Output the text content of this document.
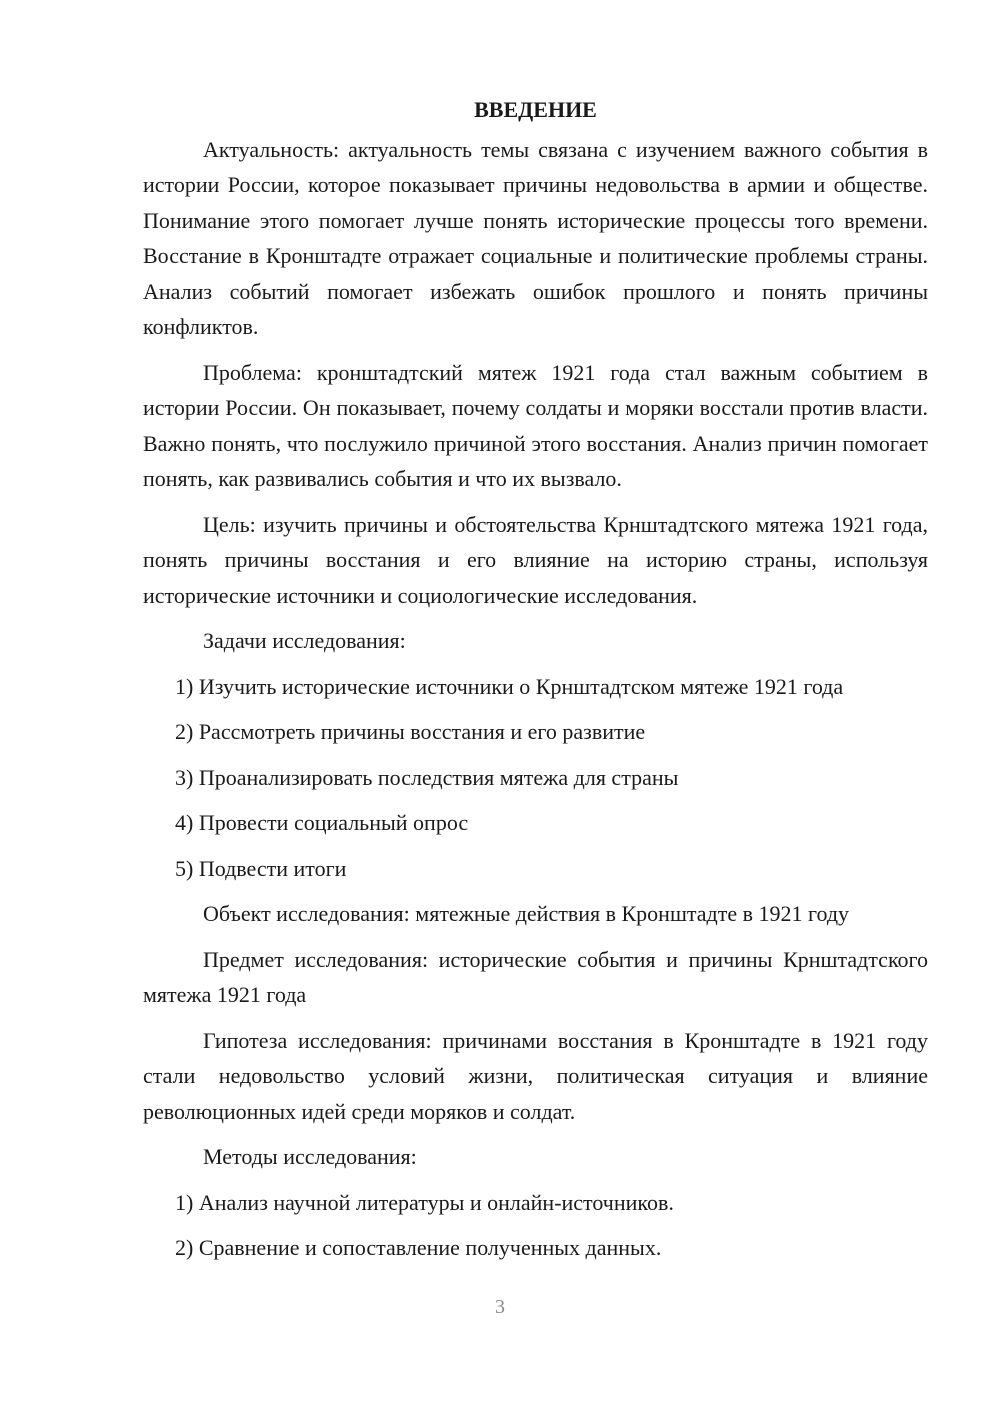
ВВЕДЕНИЕ

Актуальность: актуальность темы связана с изучением важного события в истории России, которое показывает причины недовольства в армии и обществе. Понимание этого помогает лучше понять исторические процессы того времени. Восстание в Кронштадте отражает социальные и политические проблемы страны. Анализ событий помогает избежать ошибок прошлого и понять причины конфликтов.

Проблема: кронштадтский мятеж 1921 года стал важным событием в истории России. Он показывает, почему солдаты и моряки восстали против власти. Важно понять, что послужило причиной этого восстания. Анализ причин помогает понять, как развивались события и что их вызвало.

Цель: изучить причины и обстоятельства Крнштадтского мятежа 1921 года, понять причины восстания и его влияние на историю страны, используя исторические источники и социологические исследования.

Задачи исследования:

1) Изучить исторические источники о Крнштадтском мятеже 1921 года

2) Рассмотреть причины восстания и его развитие

3) Проанализировать последствия мятежа для страны

4) Провести социальный опрос

5) Подвести итоги

Объект исследования: мятежные действия в Кронштадте в 1921 году

Предмет исследования: исторические события и причины Крнштадтского мятежа 1921 года

Гипотеза исследования: причинами восстания в Кронштадте в 1921 году стали недовольство условий жизни, политическая ситуация и влияние революционных идей среди моряков и солдат.

Методы исследования:

1) Анализ научной литературы и онлайн-источников.

2) Сравнение и сопоставление полученных данных.

3
